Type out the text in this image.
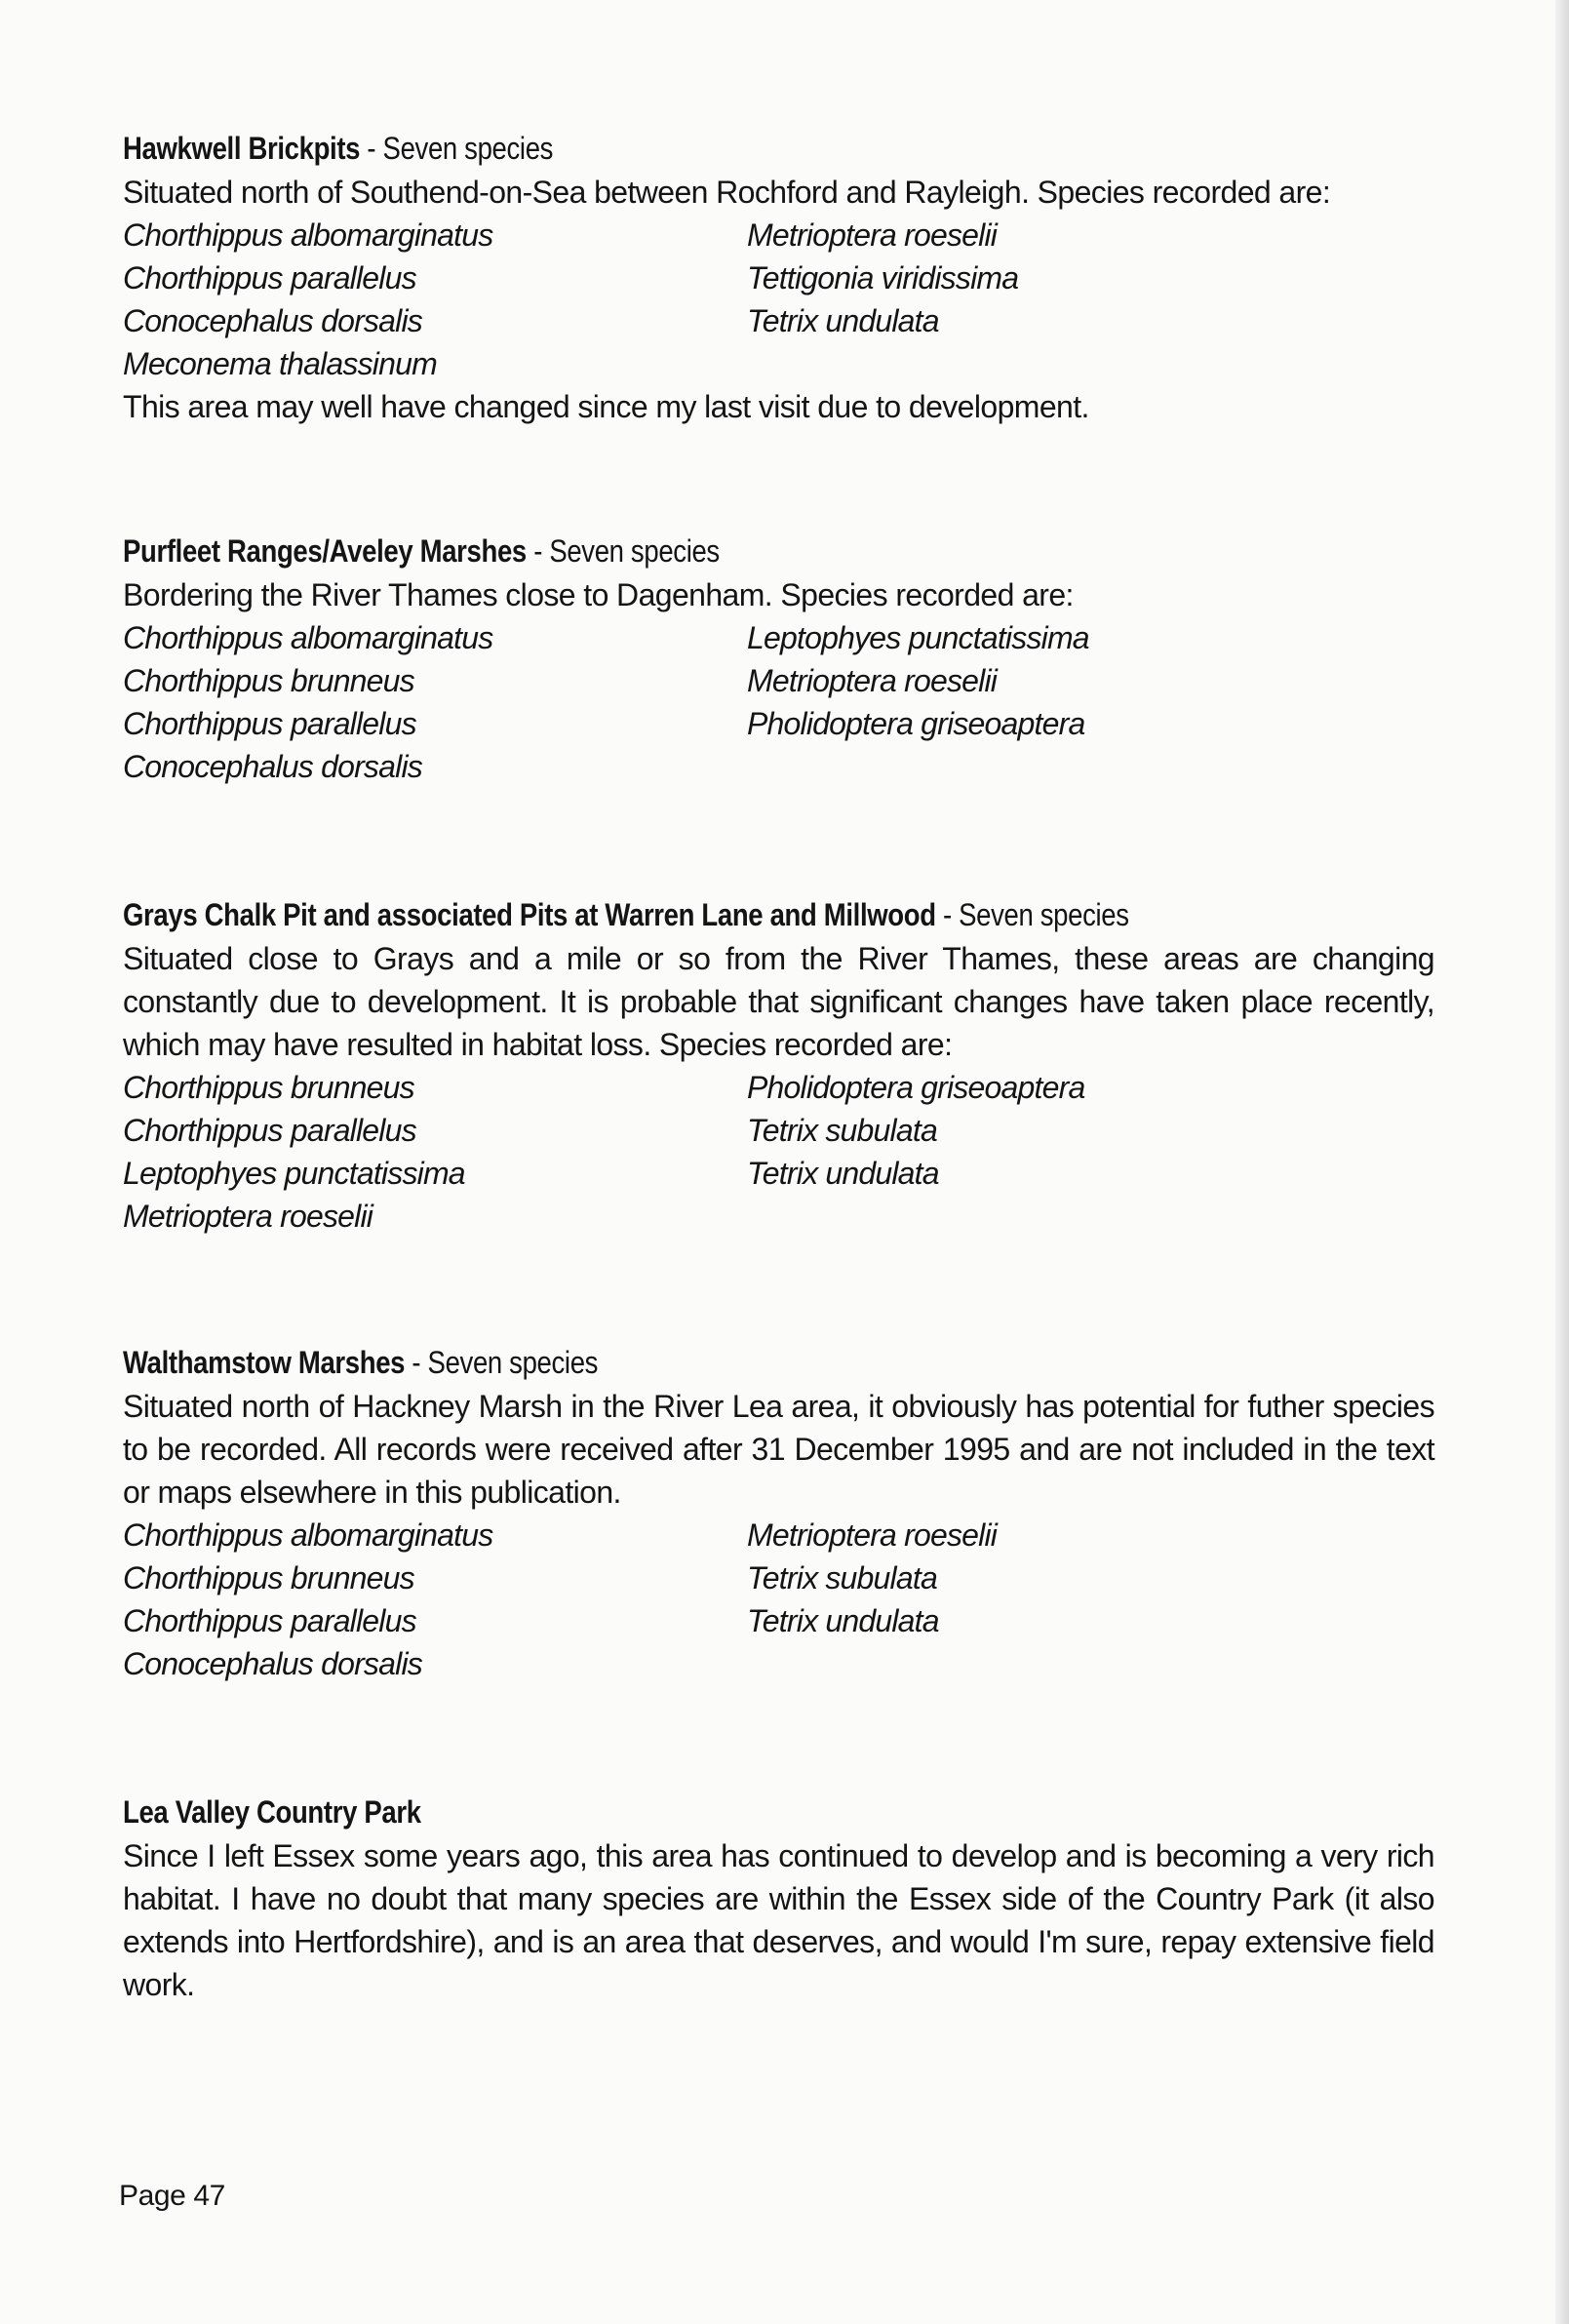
Hawkwell Brickpits - Seven species
Situated north of Southend-on-Sea between Rochford and Rayleigh. Species recorded are:
Chorthippus albomarginatus
Chorthippus parallelus
Conocephalus dorsalis
Meconema thalassinum
Metrioptera roeselii
Tettigonia viridissima
Tetrix undulata
This area may well have changed since my last visit due to development.
Purfleet Ranges/Aveley Marshes - Seven species
Bordering the River Thames close to Dagenham. Species recorded are:
Chorthippus albomarginatus
Chorthippus brunneus
Chorthippus parallelus
Conocephalus dorsalis
Leptophyes punctatissima
Metrioptera roeselii
Pholidoptera griseoaptera
Grays Chalk Pit and associated Pits at Warren Lane and Millwood - Seven species
Situated close to Grays and a mile or so from the River Thames, these areas are changing constantly due to development. It is probable that significant changes have taken place recently, which may have resulted in habitat loss. Species recorded are:
Chorthippus brunneus
Chorthippus parallelus
Leptophyes punctatissima
Metrioptera roeselii
Pholidoptera griseoaptera
Tetrix subulata
Tetrix undulata
Walthamstow Marshes - Seven species
Situated north of Hackney Marsh in the River Lea area, it obviously has potential for futher species to be recorded. All records were received after 31 December 1995 and are not included in the text or maps elsewhere in this publication.
Chorthippus albomarginatus
Chorthippus brunneus
Chorthippus parallelus
Conocephalus dorsalis
Metrioptera roeselii
Tetrix subulata
Tetrix undulata
Lea Valley Country Park
Since I left Essex some years ago, this area has continued to develop and is becoming a very rich habitat. I have no doubt that many species are within the Essex side of the Country Park (it also extends into Hertfordshire), and is an area that deserves, and would I'm sure, repay extensive field work.
Page 47
